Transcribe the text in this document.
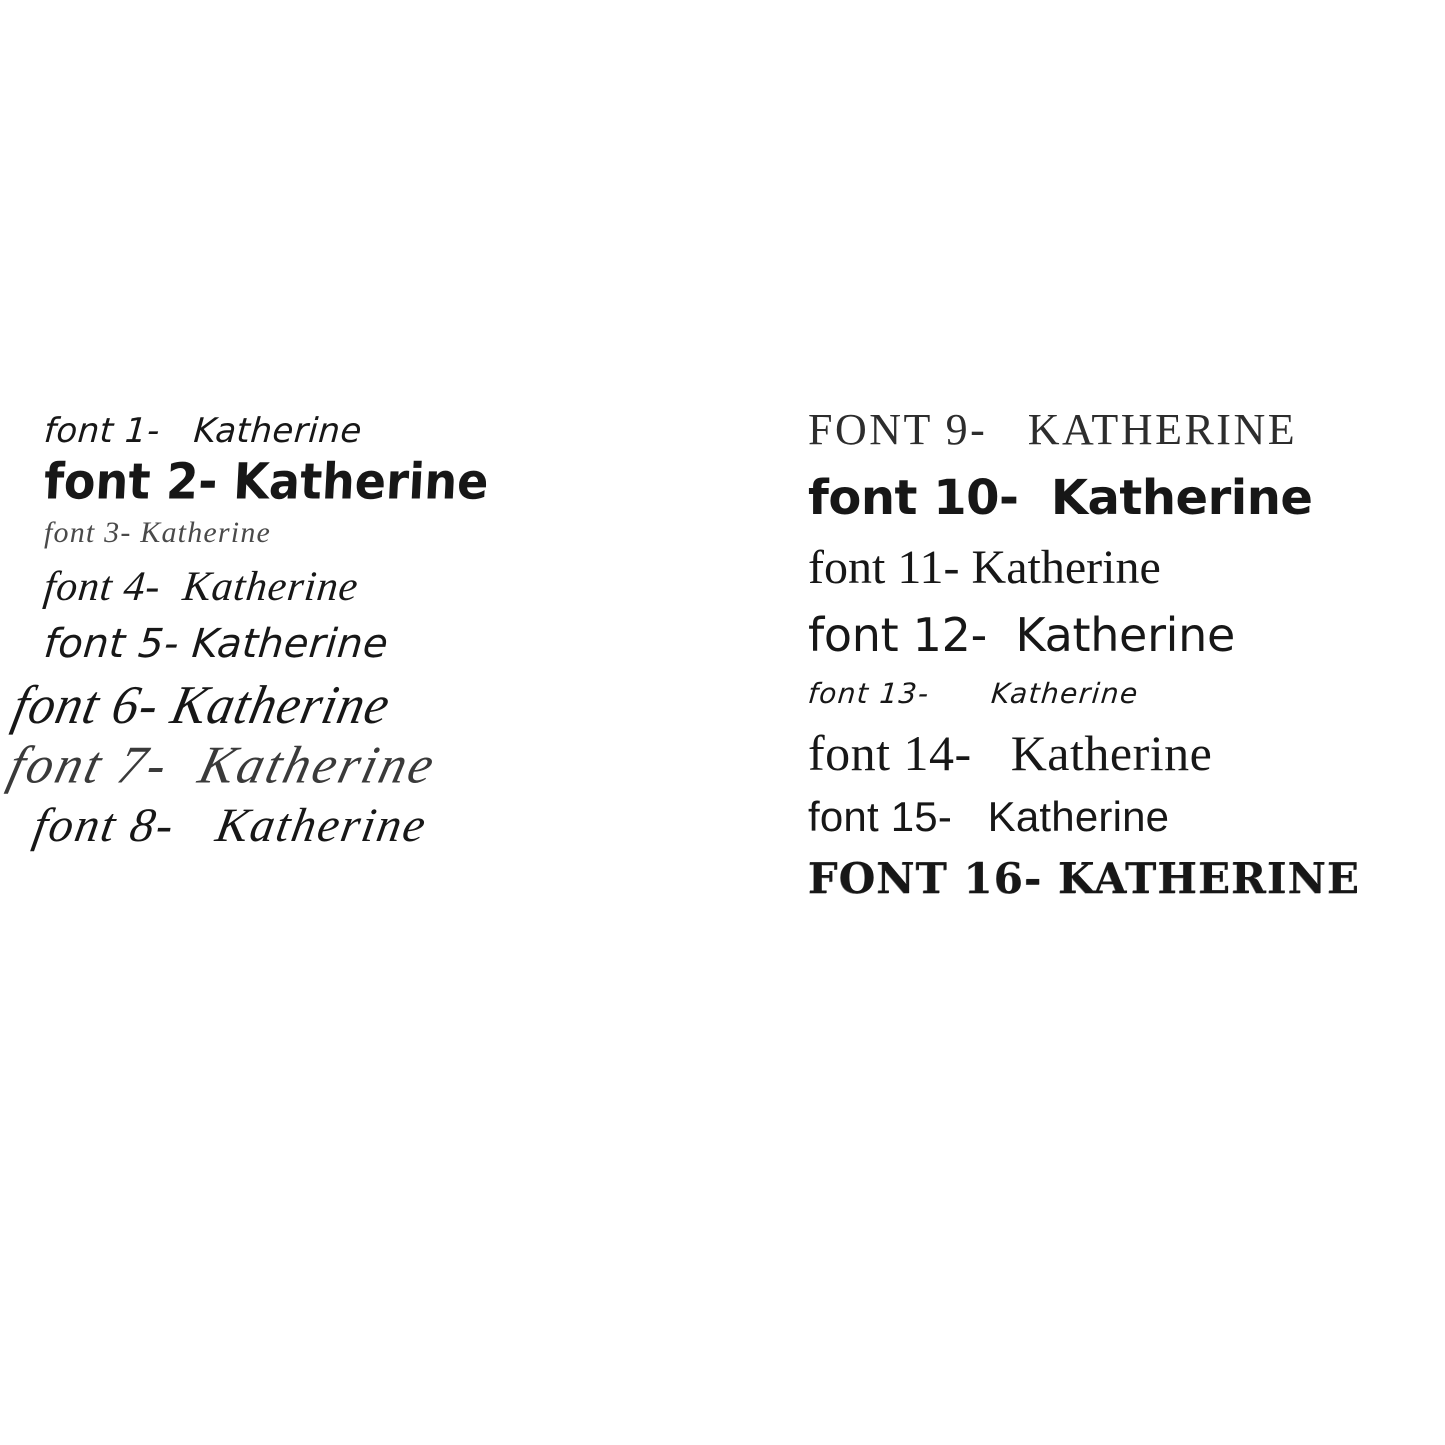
font 1-   Katherine
font 2- Katherine
font 3- Katherine
font 4-  Katherine
font 5- Katherine
font 6- Katherine
font 7-  Katherine
font 8-   Katherine
FONT 9-   KATHERINE
font 10-  Katherine
font 11- Katherine
font 12-  Katherine
font 13-      Katherine
font 14-   Katherine
font 15-   Katherine
FONT 16- KATHERINE
